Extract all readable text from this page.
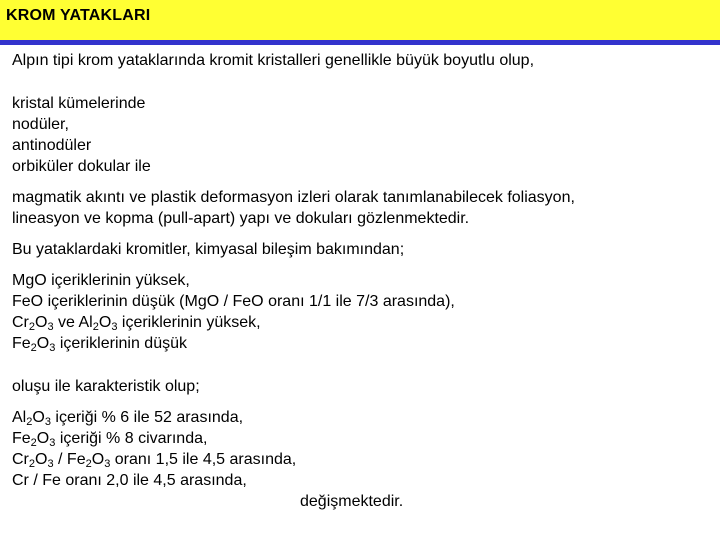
KROM YATAKLARI

Alpın tipi krom yataklarında kromit kristalleri genellikle büyük boyutlu olup,

kristal kümelerinde

nodüler,

antinodüler

orbiküler dokular ile

magmatik akıntı ve plastik deformasyon izleri olarak tanımlanabilecek foliasyon,

lineasyon ve kopma (pull-apart) yapı ve dokuları gözlenmektedir.

Bu yataklardaki kromitler, kimyasal bileşim bakımından;

MgO içeriklerinin yüksek,

FeO içeriklerinin düşük (MgO / FeO oranı 1/1 ile 7/3 arasında),

$Cr_2O_3$ ve $Al_2O_3$ içeriklerinin yüksek,

$Fe_2O_3$ içeriklerinin düşük

oluşu ile karakteristik olup;

$Al_2O_3$ içeriği % 6 ile 52 arasında,

$Fe_2O_3$ içeriği % 8 civarında,

$Cr_2O_3 / Fe_2O_3$ oranı 1,5 ile 4,5 arasında,

Cr / Fe oranı 2,0 ile 4,5 arasında,

değişmektedir.
